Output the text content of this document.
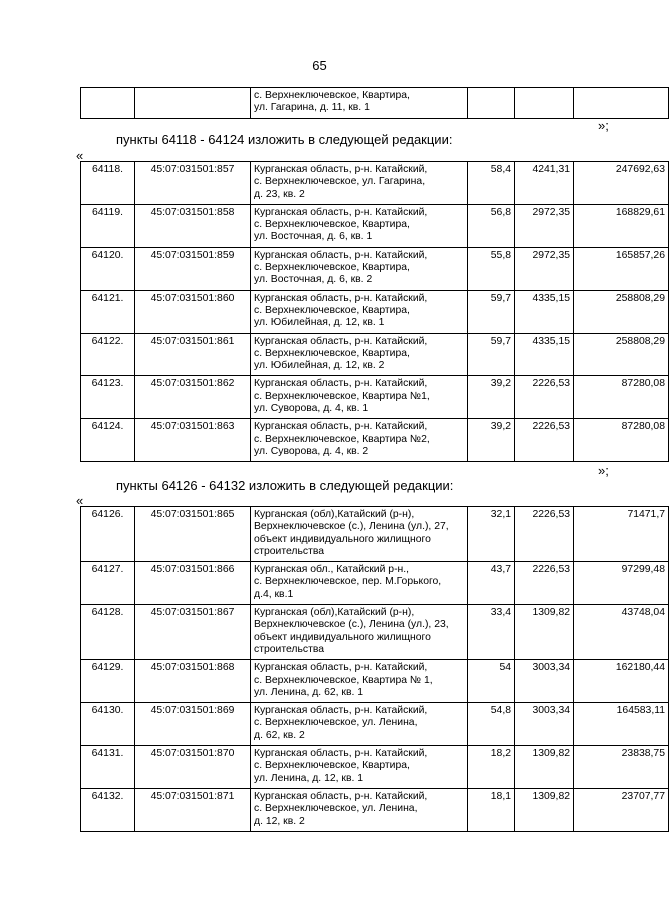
65
		с. Верхнеключевское, Квартира,
ул. Гагарина, д. 11, кв. 1			
»;
пункты 64118 - 64124 изложить в следующей редакции:
«
64118.	45:07:031501:857	Курганская область, р-н. Катайский,
с. Верхнеключевское, ул. Гагарина,
д. 23, кв. 2	58,4	4241,31	247692,63
64119.	45:07:031501:858	Курганская область, р-н. Катайский,
с. Верхнеключевское, Квартира,
ул. Восточная, д. 6, кв. 1	56,8	2972,35	168829,61
64120.	45:07:031501:859	Курганская область, р-н. Катайский,
с. Верхнеключевское, Квартира,
ул. Восточная, д. 6, кв. 2	55,8	2972,35	165857,26
64121.	45:07:031501:860	Курганская область, р-н. Катайский,
с. Верхнеключевское, Квартира,
ул. Юбилейная, д. 12, кв. 1	59,7	4335,15	258808,29
64122.	45:07:031501:861	Курганская область, р-н. Катайский,
с. Верхнеключевское, Квартира,
ул. Юбилейная, д. 12, кв. 2	59,7	4335,15	258808,29
64123.	45:07:031501:862	Курганская область, р-н. Катайский,
с. Верхнеключевское, Квартира №1,
ул. Суворова, д. 4, кв. 1	39,2	2226,53	87280,08
64124.	45:07:031501:863	Курганская область, р-н. Катайский,
с. Верхнеключевское, Квартира №2,
ул. Суворова, д. 4, кв. 2	39,2	2226,53	87280,08
»;
пункты 64126 - 64132 изложить в следующей редакции:
«
64126.	45:07:031501:865	Курганская (обл),Катайский (р-н),
Верхнеключевское (с.), Ленина (ул.), 27,
объект индивидуального жилищного
строительства	32,1	2226,53	71471,7
64127.	45:07:031501:866	Курганская обл., Катайский р-н.,
с. Верхнеключевское, пер. М.Горького,
д.4, кв.1	43,7	2226,53	97299,48
64128.	45:07:031501:867	Курганская (обл),Катайский (р-н),
Верхнеключевское (с.), Ленина (ул.), 23,
объект индивидуального жилищного
строительства	33,4	1309,82	43748,04
64129.	45:07:031501:868	Курганская область, р-н. Катайский,
с. Верхнеключевское, Квартира № 1,
ул. Ленина, д. 62, кв. 1	54	3003,34	162180,44
64130.	45:07:031501:869	Курганская область, р-н. Катайский,
с. Верхнеключевское, ул. Ленина,
д. 62, кв. 2	54,8	3003,34	164583,11
64131.	45:07:031501:870	Курганская область, р-н. Катайский,
с. Верхнеключевское, Квартира,
ул. Ленина, д. 12, кв. 1	18,2	1309,82	23838,75
64132.	45:07:031501:871	Курганская область, р-н. Катайский,
с. Верхнеключевское, ул. Ленина,
д. 12, кв. 2	18,1	1309,82	23707,77
